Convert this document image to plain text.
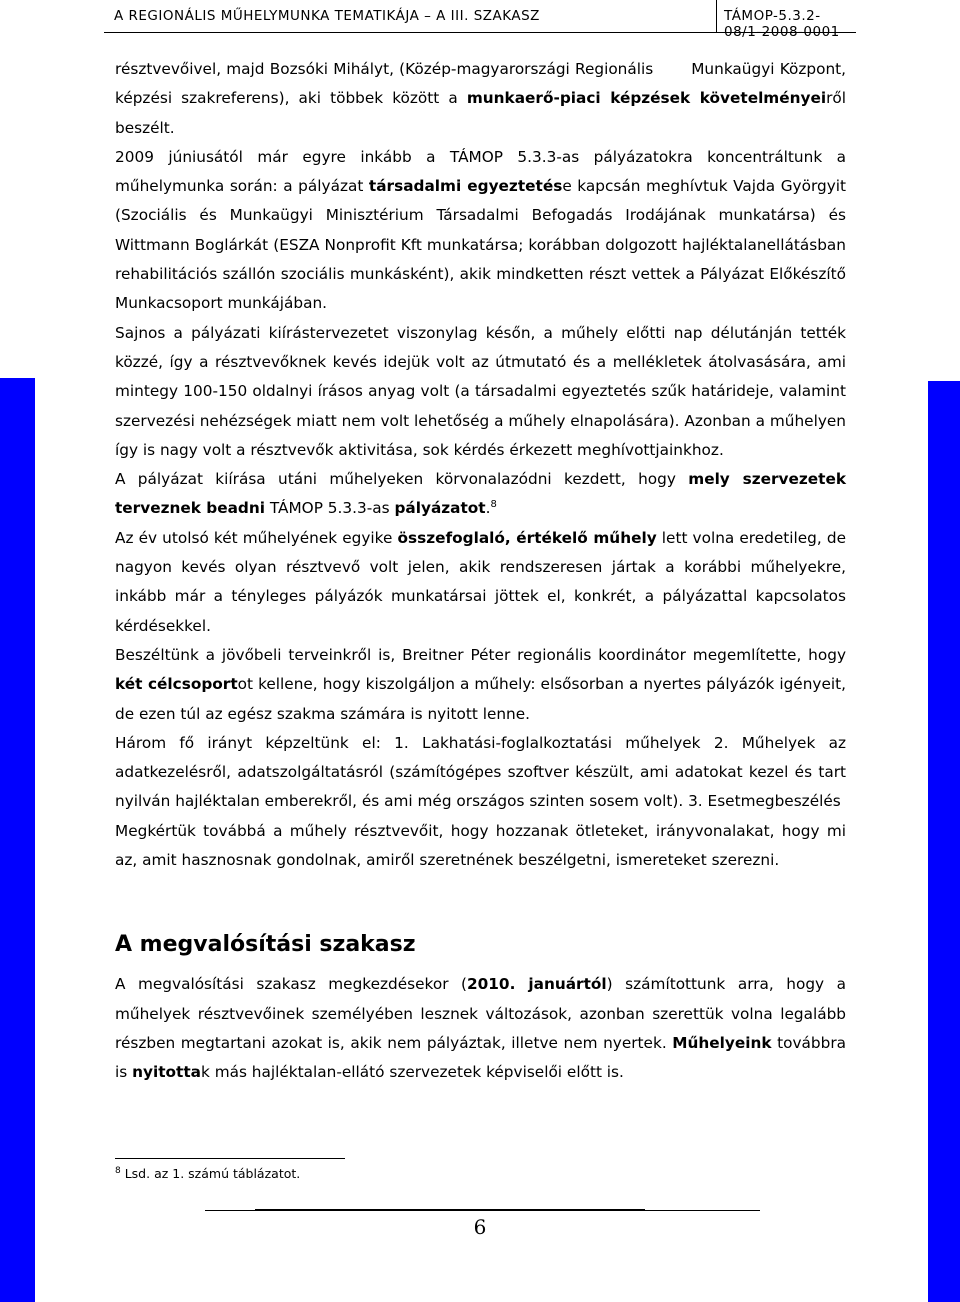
A REGIONÁLIS MŰHELYMUNKA TEMATIKÁJA – A III. SZAKASZ	TÁMOP-5.3.2-08/1-2008-0001

résztvevőivel, majd Bozsóki Mihályt, (Közép-magyarországi Regionális Munkaügyi Központ, képzési szakreferens), aki többek között a munkaerő-piaci képzések követelményeiről beszélt.

2009 júniusától már egyre inkább a TÁMOP 5.3.3-as pályázatokra koncentráltunk a műhelymunka során: a pályázat társadalmi egyeztetése kapcsán meghívtuk Vajda Györgyit (Szociális és Munkaügyi Minisztérium Társadalmi Befogadás Irodájának munkatársa) és Wittmann Boglárkát (ESZA Nonprofit Kft munkatársa; korábban dolgozott hajléktalanellátásban rehabilitációs szállón szociális munkásként), akik mindketten részt vettek a Pályázat Előkészítő Munkacsoport munkájában.

Sajnos a pályázati kiírástervezetet viszonylag későn, a műhely előtti nap délutánján tették közzé, így a résztvevőknek kevés idejük volt az útmutató és a mellékletek átolvasására, ami mintegy 100-150 oldalnyi írásos anyag volt (a társadalmi egyeztetés szűk határideje, valamint szervezési nehézségek miatt nem volt lehetőség a műhely elnapolására). Azonban a műhelyen így is nagy volt a résztvevők aktivitása, sok kérdés érkezett meghívottjainkhoz.

A pályázat kiírása utáni műhelyeken körvonalazódni kezdett, hogy mely szervezetek terveznek beadni TÁMOP 5.3.3-as pályázatot.$^8$

Az év utolsó két műhelyének egyike összefoglaló, értékelő műhely lett volna eredetileg, de nagyon kevés olyan résztvevő volt jelen, akik rendszeresen jártak a korábbi műhelyekre, inkább már a tényleges pályázók munkatársai jöttek el, konkrét, a pályázattal kapcsolatos kérdésekkel.

Beszéltünk a jövőbeli terveinkről is, Breitner Péter regionális koordinátor megemlítette, hogy két célcsoportot kellene, hogy kiszolgáljon a műhely: elsősorban a nyertes pályázók igényeit, de ezen túl az egész szakma számára is nyitott lenne.

Három fő irányt képzeltünk el: 1. Lakhatási-foglalkoztatási műhelyek 2. Műhelyek az adatkezelésről, adatszolgáltatásról (számítógépes szoftver készült, ami adatokat kezel és tart nyilván hajléktalan emberekről, és ami még országos szinten sosem volt). 3. Esetmegbeszélés

Megkértük továbbá a műhely résztvevőit, hogy hozzanak ötleteket, irányvonalakat, hogy mi az, amit hasznosnak gondolnak, amiről szeretnének beszélgetni, ismereteket szerezni.

A megvalósítási szakasz

A megvalósítási szakasz megkezdésekor (2010. januártól) számítottunk arra, hogy a műhelyek résztvevőinek személyében lesznek változások, azonban szerettük volna legalább részben megtartani azokat is, akik nem pályáztak, illetve nem nyertek. Műhelyeink továbbra is nyitottak más hajléktalan-ellátó szervezetek képviselői előtt is.

$^8$ Lsd. az 1. számú táblázatot.
6
